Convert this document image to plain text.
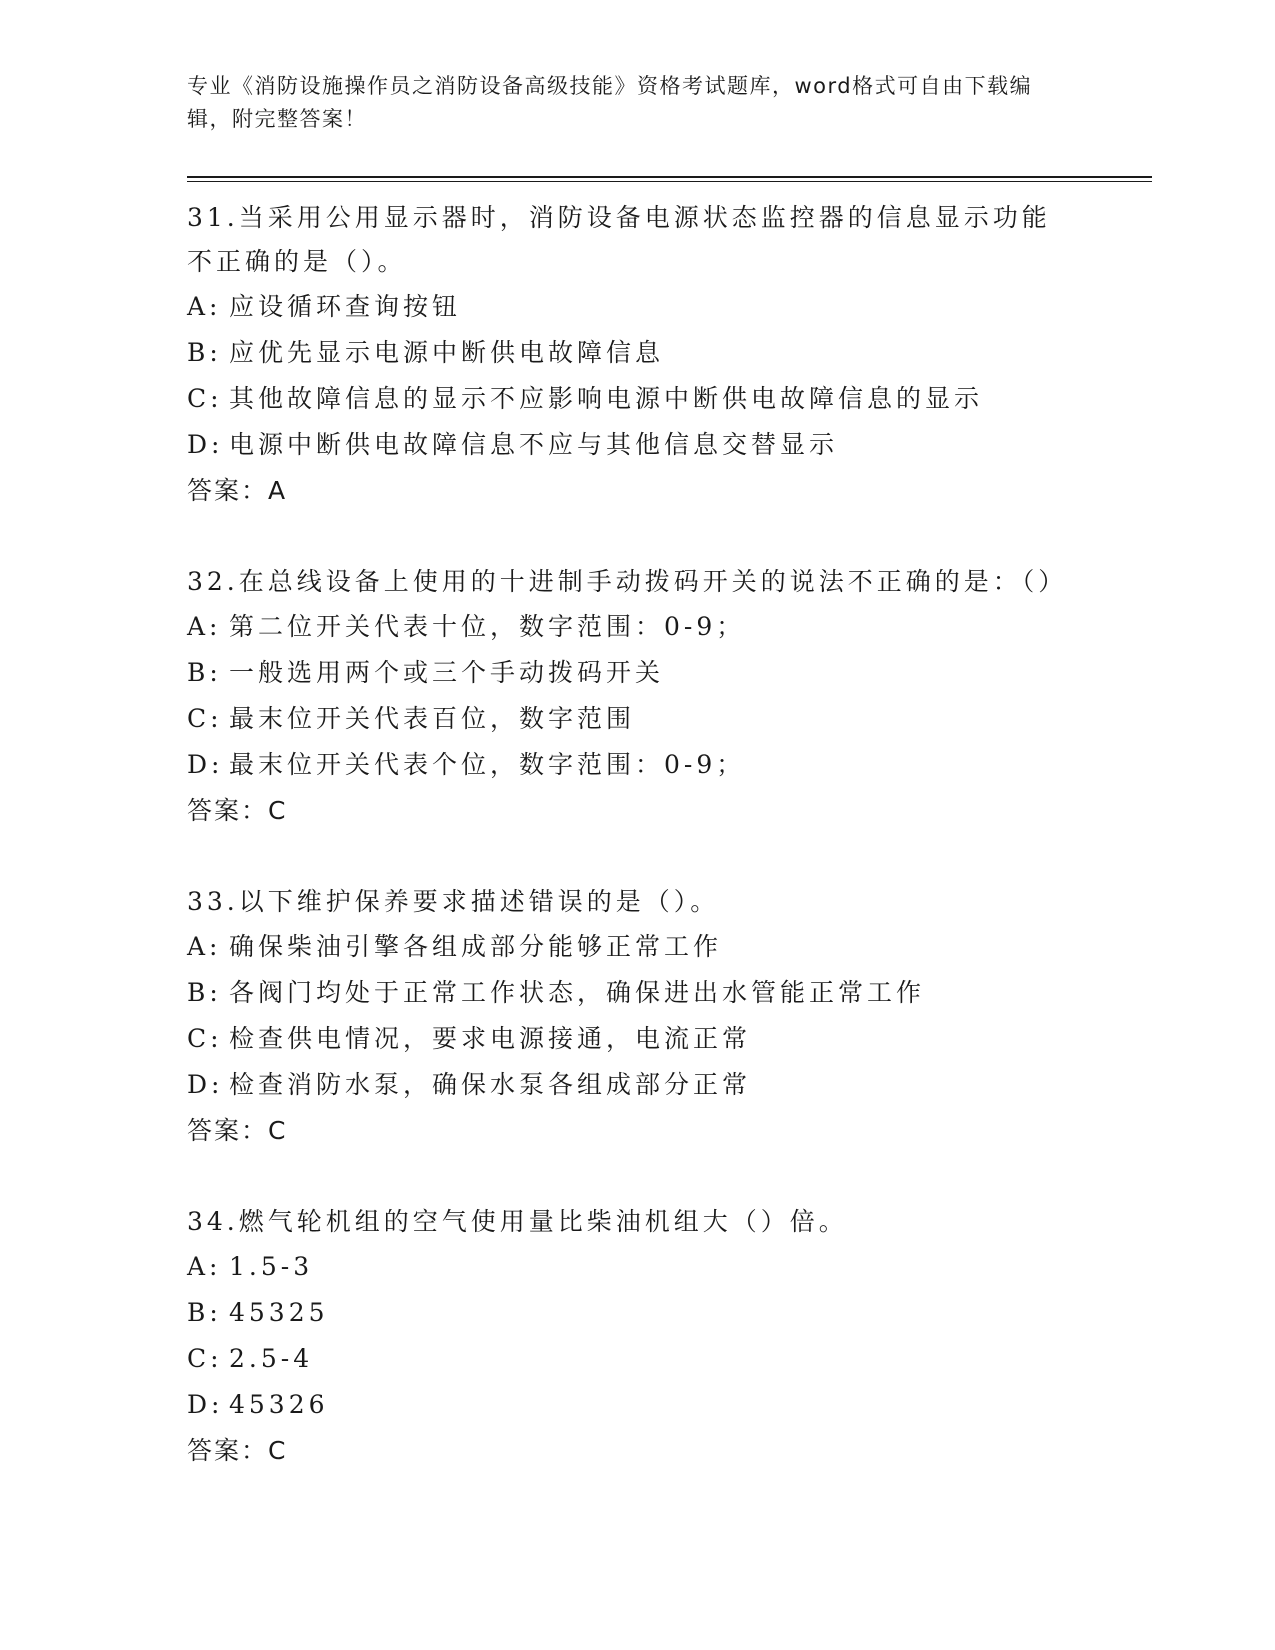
专业《消防设施操作员之消防设备高级技能》资格考试题库，word格式可自由下载编辑，附完整答案！
31.当采用公用显示器时，消防设备电源状态监控器的信息显示功能不正确的是（）。
A: 应设循环查询按钮
B: 应优先显示电源中断供电故障信息
C: 其他故障信息的显示不应影响电源中断供电故障信息的显示
D: 电源中断供电故障信息不应与其他信息交替显示
答案：A
32.在总线设备上使用的十进制手动拨码开关的说法不正确的是：（）
A: 第二位开关代表十位，数字范围：0-9；
B: 一般选用两个或三个手动拨码开关
C: 最末位开关代表百位，数字范围
D: 最末位开关代表个位，数字范围：0-9；
答案：C
33.以下维护保养要求描述错误的是（）。
A: 确保柴油引擎各组成部分能够正常工作
B: 各阀门均处于正常工作状态，确保进出水管能正常工作
C: 检查供电情况，要求电源接通，电流正常
D: 检查消防水泵，确保水泵各组成部分正常
答案：C
34.燃气轮机组的空气使用量比柴油机组大（）倍。
A: 1.5-3
B: 45325
C: 2.5-4
D: 45326
答案：C
